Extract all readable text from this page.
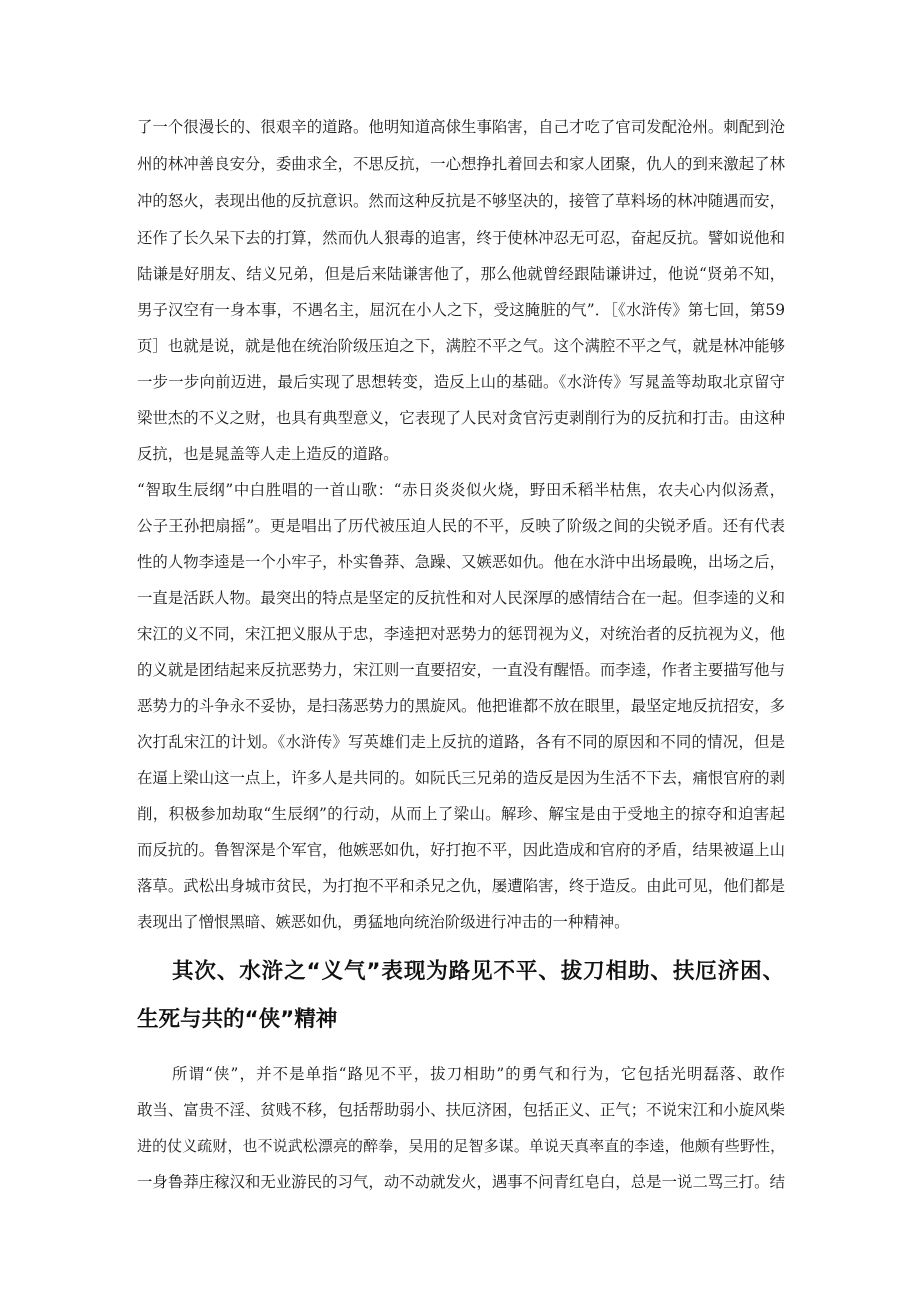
了一个很漫长的、很艰辛的道路。他明知道高俅生事陷害，自己才吃了官司发配沧州。刺配到沧
州的林冲善良安分，委曲求全，不思反抗，一心想挣扎着回去和家人团聚，仇人的到来激起了林
冲的怒火，表现出他的反抗意识。然而这种反抗是不够坚决的，接管了草料场的林冲随遇而安，
还作了长久呆下去的打算，然而仇人狠毒的追害，终于使林冲忍无可忍，奋起反抗。譬如说他和
陆谦是好朋友、结义兄弟，但是后来陆谦害他了，那么他就曾经跟陆谦讲过，他说“贤弟不知，
男子汉空有一身本事，不遇名主，屈沉在小人之下，受这腌脏的气”．［《水浒传》第七回，第59
页］也就是说，就是他在统治阶级压迫之下，满腔不平之气。这个满腔不平之气，就是林冲能够
一步一步向前迈进，最后实现了思想转变，造反上山的基础。《水浒传》写晁盖等劫取北京留守
梁世杰的不义之财，也具有典型意义，它表现了人民对贪官污吏剥削行为的反抗和打击。由这种
反抗，也是晁盖等人走上造反的道路。
“智取生辰纲”中白胜唱的一首山歌：“赤日炎炎似火烧，野田禾稻半枯焦，农夫心内似汤煮，
公子王孙把扇摇”。更是唱出了历代被压迫人民的不平，反映了阶级之间的尖锐矛盾。还有代表
性的人物李逵是一个小牢子，朴实鲁莽、急躁、又嫉恶如仇。他在水浒中出场最晚，出场之后，
一直是活跃人物。最突出的特点是坚定的反抗性和对人民深厚的感情结合在一起。但李逵的义和
宋江的义不同，宋江把义服从于忠，李逵把对恶势力的惩罚视为义，对统治者的反抗视为义，他
的义就是团结起来反抗恶势力，宋江则一直要招安，一直没有醒悟。而李逵，作者主要描写他与
恶势力的斗争永不妥协，是扫荡恶势力的黑旋风。他把谁都不放在眼里，最坚定地反抗招安，多
次打乱宋江的计划。《水浒传》写英雄们走上反抗的道路，各有不同的原因和不同的情况，但是
在逼上梁山这一点上，许多人是共同的。如阮氏三兄弟的造反是因为生活不下去，痛恨官府的剥
削，积极参加劫取“生辰纲”的行动，从而上了梁山。解珍、解宝是由于受地主的掠夺和迫害起
而反抗的。鲁智深是个军官，他嫉恶如仇，好打抱不平，因此造成和官府的矛盾，结果被逼上山
落草。武松出身城市贫民，为打抱不平和杀兄之仇，屡遭陷害，终于造反。由此可见，他们都是
表现出了憎恨黑暗、嫉恶如仇，勇猛地向统治阶级进行冲击的一种精神。
其次、水浒之“义气”表现为路见不平、拔刀相助、扶厄济困、
生死与共的“侠”精神
所谓“侠”，并不是单指“路见不平，拔刀相助”的勇气和行为，它包括光明磊落、敢作
敢当、富贵不淫、贫贱不移，包括帮助弱小、扶厄济困，包括正义、正气；不说宋江和小旋风柴
进的仗义疏财，也不说武松漂亮的醉拳，吴用的足智多谋。单说天真率直的李逵，他颇有些野性，
一身鲁莽庄稼汉和无业游民的习气，动不动就发火，遇事不问青红皂白，总是一说二骂三打。结
